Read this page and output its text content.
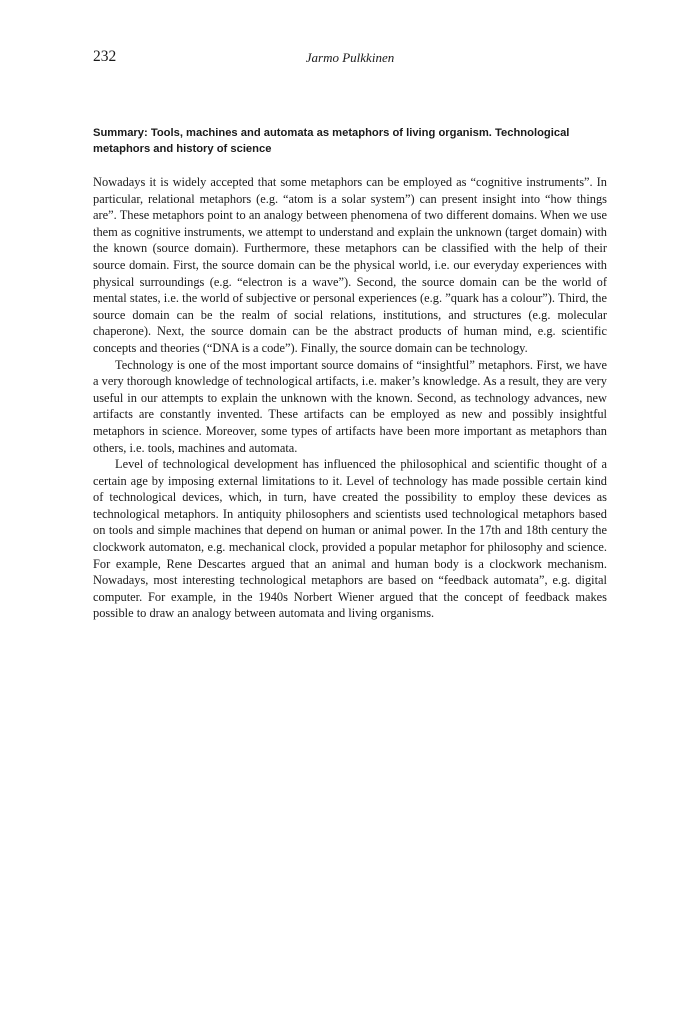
232	Jarmo Pulkkinen
Summary: Tools, machines and automata as metaphors of living organism. Technological metaphors and history of science

Nowadays it is widely accepted that some metaphors can be employed as “cognitive instruments”. In particular, relational metaphors (e.g. “atom is a solar system”) can present insight into “how things are”. These metaphors point to an analogy between phenomena of two different domains. When we use them as cognitive instruments, we attempt to understand and explain the unknown (target domain) with the known (source domain). Furthermore, these metaphors can be classified with the help of their source domain. First, the source domain can be the physical world, i.e. our everyday experiences with physical surroundings (e.g. “electron is a wave”). Second, the source domain can be the world of mental states, i.e. the world of subjective or personal experiences (e.g. ”quark has a colour”). Third, the source domain can be the realm of social relations, institutions, and structures (e.g. molecular chaperone). Next, the source domain can be the abstract products of human mind, e.g. scientific concepts and theories (“DNA is a code”). Finally, the source domain can be technology.

Technology is one of the most important source domains of “insightful” metaphors. First, we have a very thorough knowledge of technological artifacts, i.e. maker’s knowledge. As a result, they are very useful in our attempts to explain the unknown with the known. Second, as technology advances, new artifacts are constantly invented. These artifacts can be employed as new and possibly insightful metaphors in science. Moreover, some types of artifacts have been more important as metaphors than others, i.e. tools, machines and automata.

Level of technological development has influenced the philosophical and scientific thought of a certain age by imposing external limitations to it. Level of technology has made possible certain kind of technological devices, which, in turn, have created the possibility to employ these devices as technological metaphors. In antiquity philosophers and scientists used technological metaphors based on tools and simple machines that depend on human or animal power. In the 17th and 18th century the clockwork automaton, e.g. mechanical clock, provided a popular metaphor for philosophy and science. For example, Rene Descartes argued that an animal and human body is a clockwork mechanism. Nowadays, most interesting technological metaphors are based on “feedback automata”, e.g. digital computer. For example, in the 1940s Norbert Wiener argued that the concept of feedback makes possible to draw an analogy between automata and living organisms.
